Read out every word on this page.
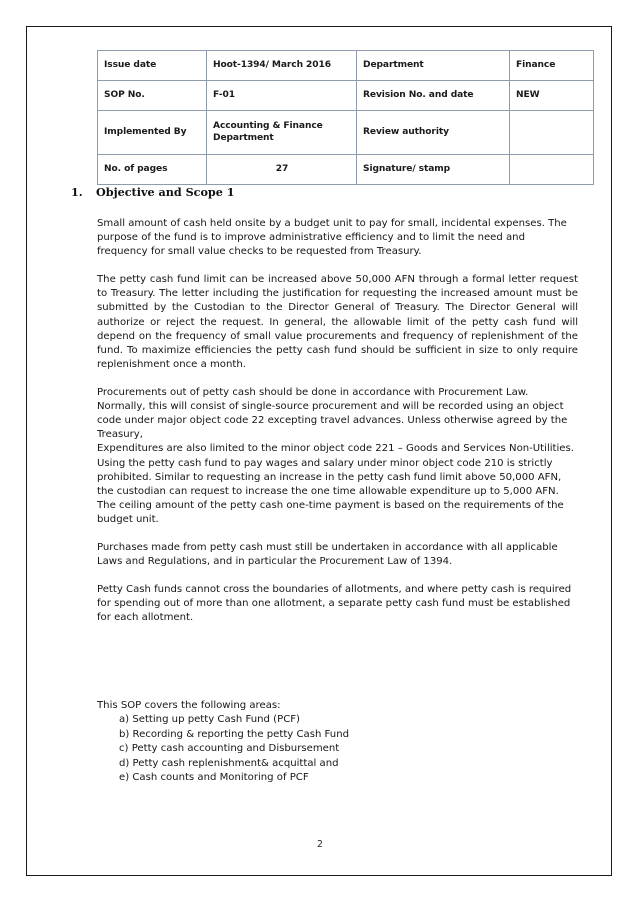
Issue date	Hoot-1394/ March 2016	Department	Finance
SOP No.	F-01	Revision No. and date	NEW
Implemented By	Accounting & Finance Department	Review authority	
No. of pages	27	Signature/ stamp	
1.	Objective and Scope 1

Small amount of cash held onsite by a budget unit to pay for small, incidental expenses. The purpose of the fund is to improve administrative efficiency and to limit the need and frequency for small value checks to be requested from Treasury.

The petty cash fund limit can be increased above 50,000 AFN through a formal letter request to Treasury. The letter including the justification for requesting the increased amount must be submitted by the Custodian to the Director General of Treasury. The Director General will authorize or reject the request. In general, the allowable limit of the petty cash fund will depend on the frequency of small value procurements and frequency of replenishment of the fund. To maximize efficiencies the petty cash fund should be sufficient in size to only require replenishment once a month.

Procurements out of petty cash should be done in accordance with Procurement Law. Normally, this will consist of single-source procurement and will be recorded using an object code under major object code 22 excepting travel advances. Unless otherwise agreed by the Treasury,

Expenditures are also limited to the minor object code 221 – Goods and Services Non-Utilities. Using the petty cash fund to pay wages and salary under minor object code 210 is strictly prohibited. Similar to requesting an increase in the petty cash fund limit above 50,000 AFN, the custodian can request to increase the one time allowable expenditure up to 5,000 AFN. The ceiling amount of the petty cash one-time payment is based on the requirements of the budget unit.

Purchases made from petty cash must still be undertaken in accordance with all applicable Laws and Regulations, and in particular the Procurement Law of 1394.

Petty Cash funds cannot cross the boundaries of allotments, and where petty cash is required for spending out of more than one allotment, a separate petty cash fund must be established for each allotment.

This SOP covers the following areas:

a) Setting up petty Cash Fund (PCF)
b) Recording & reporting the petty Cash Fund
c) Petty cash accounting and Disbursement
d) Petty cash replenishment& acquittal and
e) Cash counts and Monitoring of PCF
2
